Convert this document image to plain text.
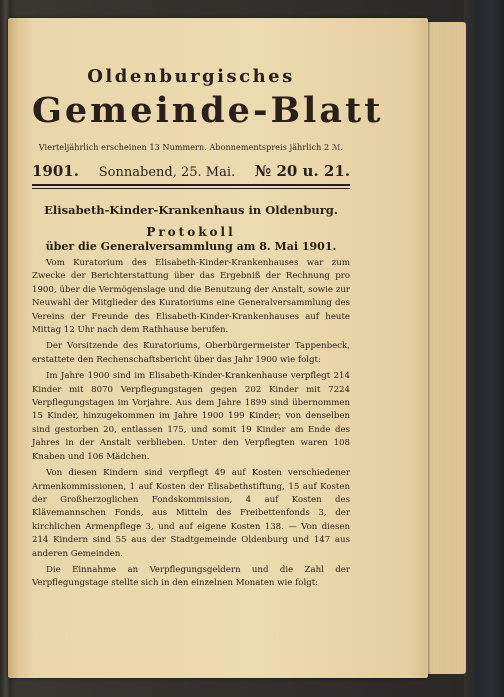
Oldenburgisches
Gemeinde-Blatt
Vierteljährlich erscheinen 13 Nummern. Abonnementspreis jährlich 2 ℳ.
1901. Sonnabend, 25. Mai. № 20 u. 21.
Elisabeth-Kinder-Krankenhaus in Oldenburg.
Protokoll
über die Generalversammlung am 8. Mai 1901.

Vom Kuratorium des Elisabeth-Kinder-Krankenhauses war zum Zwecke der Berichterstattung über das Ergebniß der Rechnung pro 1900, über die Vermögenslage und die Benutzung der Anstalt, sowie zur Neuwahl der Mitglieder des Kuratoriums eine Generalversammlung des Vereins der Freunde des Elisabeth-Kinder-Krankenhauses auf heute Mittag 12 Uhr nach dem Rathhause berufen.

Der Vorsitzende des Kuratoriums, Oberbürgermeister Tappenbeck, erstattete den Rechenschaftsbericht über das Jahr 1900 wie folgt:

Im Jahre 1900 sind im Elisabeth-Kinder-Krankenhause verpflegt 214 Kinder mit 8070 Verpflegungstagen gegen 202 Kinder mit 7224 Verpflegungstagen im Vorjahre. Aus dem Jahre 1899 sind übernommen 15 Kinder, hinzugekommen im Jahre 1900 199 Kinder; von denselben sind gestorben 20, entlassen 175, und somit 19 Kinder am Ende des Jahres in der Anstalt verblieben. Unter den Verpflegten waren 108 Knaben und 106 Mädchen.

Von diesen Kindern sind verpflegt 49 auf Kosten verschiedener Armenkommissionen, 1 auf Kosten der Elisabethstiftung, 15 auf Kosten der Großherzoglichen Fondskommission, 4 auf Kosten des Klävemannschen Fonds, aus Mitteln des Freibettenfonds 3, der kirchlichen Armenpflege 3, und auf eigene Kosten 138. — Von diesen 214 Kindern sind 55 aus der Stadtgemeinde Oldenburg und 147 aus anderen Gemeinden.

Die Einnahme an Verpflegungsgeldern und die Zahl der Verpflegungstage stellte sich in den einzelnen Monaten wie folgt:
